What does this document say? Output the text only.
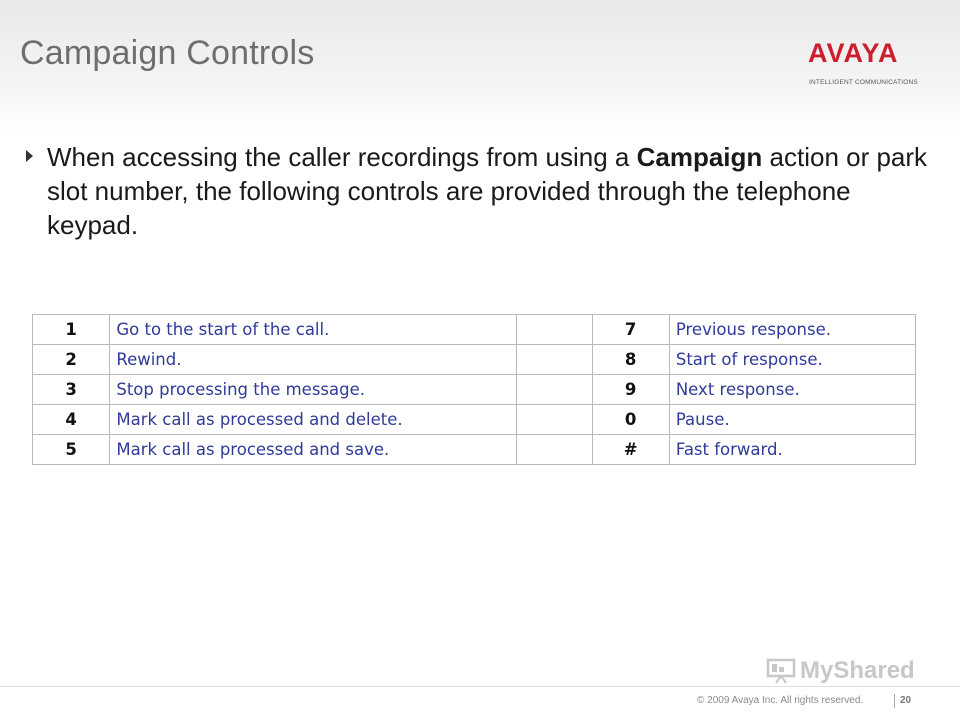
Campaign Controls	AVAYA
INTELLIGENT COMMUNICATIONS

When accessing the caller recordings from using a Campaign action or park slot number, the following controls are provided through the telephone keypad.

1	Go to the start of the call.		7	Previous response.
2	Rewind.		8	Start of response.
3	Stop processing the message.		9	Next response.
4	Mark call as processed and delete.		0	Pause.
5	Mark call as processed and save.		#	Fast forward.
MyShared
© 2009 Avaya Inc. All rights reserved.	20
